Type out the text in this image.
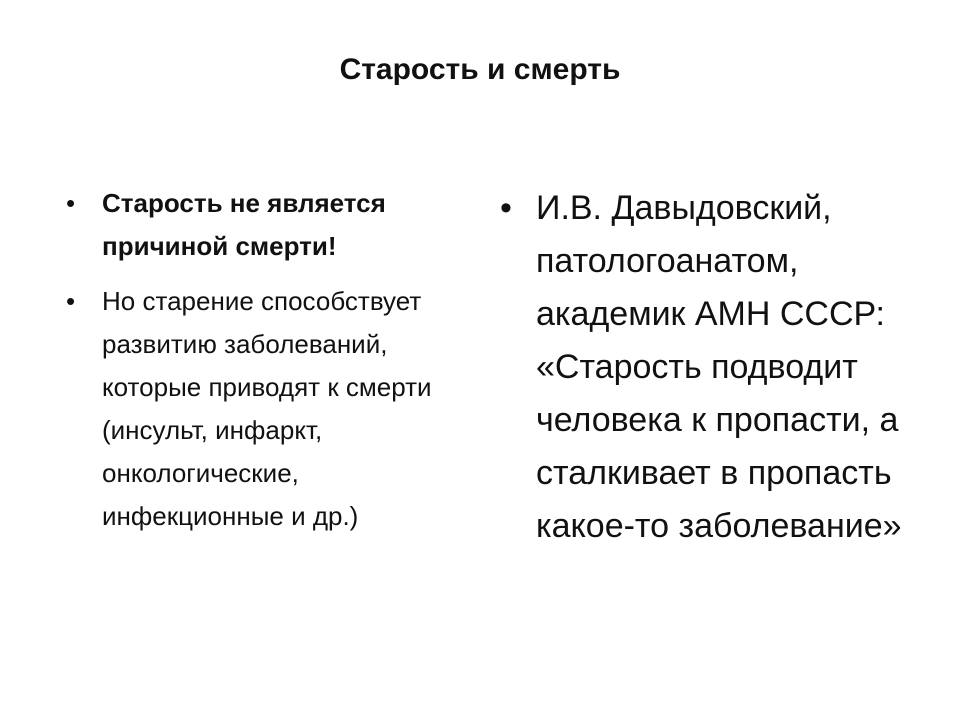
Старость и смерть
• Старость не является причиной смерти!
• Но старение способствует развитию заболеваний, которые приводят к смерти (инсульт, инфаркт, онкологические, инфекционные и др.)
• И.В. Давыдовский, патологоанатом, академик АМН СССР: «Старость подводит человека к пропасти, а сталкивает в пропасть какое-то заболевание»
